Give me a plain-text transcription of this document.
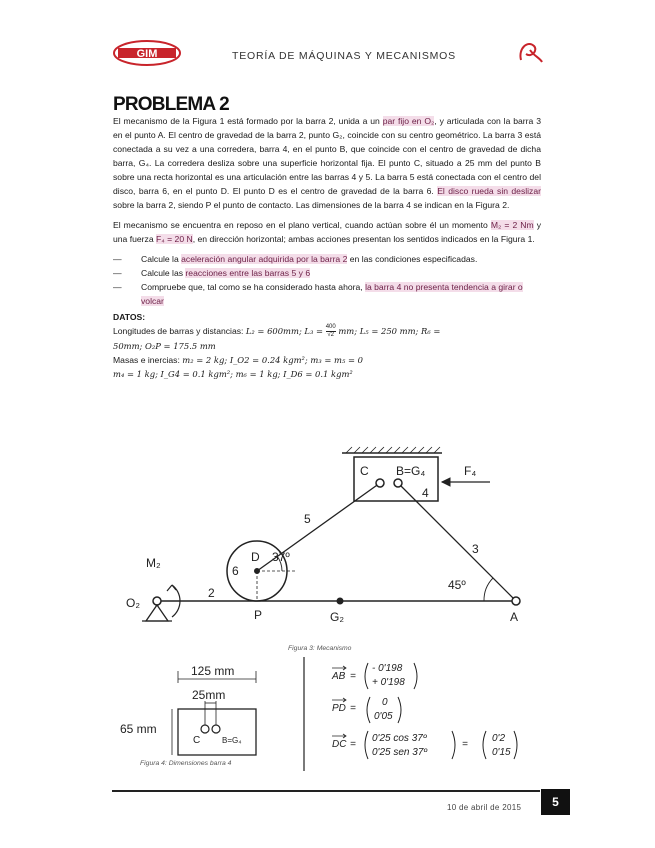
GIM	TEORÍA DE MÁQUINAS Y MECANISMOS
PROBLEMA 2

El mecanismo de la Figura 1 está formado por la barra 2, unida a un par fijo en O₂, y articulada con la barra 3 en el punto A. El centro de gravedad de la barra 2, punto G₂, coincide con su centro geométrico. La barra 3 está conectada a su vez a una corredera, barra 4, en el punto B, que coincide con el centro de gravedad de dicha barra, G₄. La corredera desliza sobre una superficie horizontal fija. El punto C, situado a 25 mm del punto B sobre una recta horizontal es una articulación entre las barras 4 y 5. La barra 5 está conectada con el centro del disco, barra 6, en el punto D. El punto D es el centro de gravedad de la barra 6. El disco rueda sin deslizar sobre la barra 2, siendo P el punto de contacto. Las dimensiones de la barra 4 se indican en la Figura 2.

El mecanismo se encuentra en reposo en el plano vertical, cuando actúan sobre él un momento M₂ = 2 Nm y una fuerza F₄ = 20 N, en dirección horizontal; ambas acciones presentan los sentidos indicados en la Figura 1.

—	Calcule la aceleración angular adquirida por la barra 2 en las condiciones especificadas.
—	Calcule las reacciones entre las barras 5 y 6
—	Compruebe que, tal como se ha considerado hasta ahora, la barra 4 no presenta tendencia a girar o volcar
DATOS:
Longitudes de barras y distancias: L₂ = 600mm; $L_3 = \frac{400}{√2}$ mm; L₅ = 250 mm; R₆ =
50mm; O₂P = 175.5 mm
Masas e inercias: m₂ = 2 kg; I_O2 = 0.24 kgm²; m₃ = m₅ = 0
m₄ = 1 kg; I_G4 = 0.1 kgm²; m₆ = 1 kg; I_D6 = 0.1 kgm²
C B=G₄	F₄
4
5
3
D
6
37º
45º
M₂
O₂
2
P	G₂	A
Figura 3: Mecanismo
125 mm
25mm
65 mm
C	B=G₄
Figura 4: Dimensiones barra 4
AB =
- 0'198
+ 0'198
PD =
0
0'05
DC =
0'25 cos 37º
0'25 sen 37º
=
0'2
0'15
10 de abril de 2015	5
